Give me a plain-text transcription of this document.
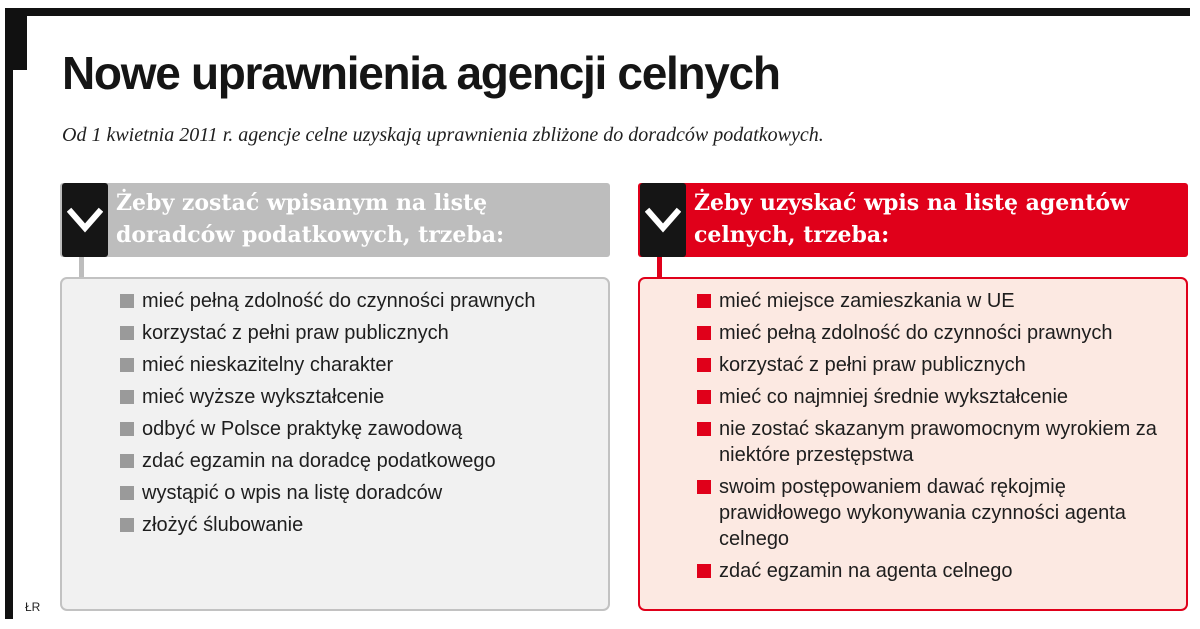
Nowe uprawnienia agencji celnych

Od 1 kwietnia 2011 r. agencje celne uzyskają uprawnienia zbliżone do doradców podatkowych.

Żeby zostać wpisanym na listę doradców podatkowych, trzeba:

mieć pełną zdolność do czynności prawnych
korzystać z pełni praw publicznych
mieć nieskazitelny charakter
mieć wyższe wykształcenie
odbyć w Polsce praktykę zawodową
zdać egzamin na doradcę podatkowego
wystąpić o wpis na listę doradców
złożyć ślubowanie

Żeby uzyskać wpis na listę agentów celnych, trzeba:

mieć miejsce zamieszkania w UE
mieć pełną zdolność do czynności prawnych
korzystać z pełni praw publicznych
mieć co najmniej średnie wykształcenie
nie zostać skazanym prawomocnym wyrokiem za niektóre przestępstwa
swoim postępowaniem dawać rękojmię prawidłowego wykonywania czynności agenta celnego
zdać egzamin na agenta celnego
ŁR
